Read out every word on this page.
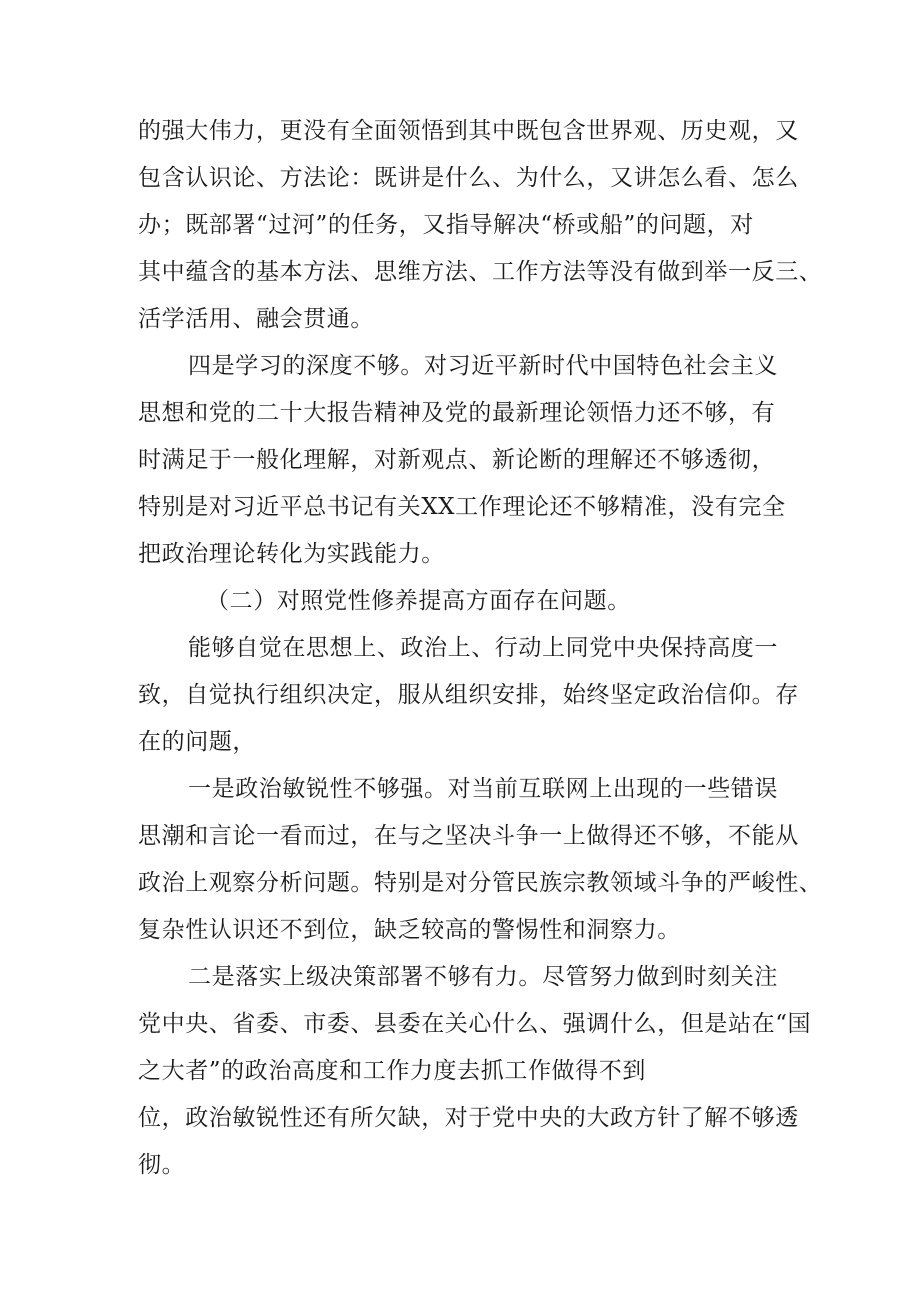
的强大伟力，更没有全面领悟到其中既包含世界观、历史观，又
包含认识论、方法论：既讲是什么、为什么，又讲怎么看、怎么
办；既部署“过河”的任务，又指导解决“桥或船”的问题，对
其中蕴含的基本方法、思维方法、工作方法等没有做到举一反三、
活学活用、融会贯通。
四是学习的深度不够。对习近平新时代中国特色社会主义
思想和党的二十大报告精神及党的最新理论领悟力还不够，有
时满足于一般化理解，对新观点、新论断的理解还不够透彻，
特别是对习近平总书记有关XX工作理论还不够精准，没有完全
把政治理论转化为实践能力。
（二）对照党性修养提高方面存在问题。
能够自觉在思想上、政治上、行动上同党中央保持高度一
致，自觉执行组织决定，服从组织安排，始终坚定政治信仰。存
在的问题，
一是政治敏锐性不够强。对当前互联网上出现的一些错误
思潮和言论一看而过，在与之坚决斗争一上做得还不够，不能从
政治上观察分析问题。特别是对分管民族宗教领域斗争的严峻性、
复杂性认识还不到位，缺乏较高的警惕性和洞察力。
二是落实上级决策部署不够有力。尽管努力做到时刻关注
党中央、省委、市委、县委在关心什么、强调什么，但是站在“国
之大者”的政治高度和工作力度去抓工作做得不到
位，政治敏锐性还有所欠缺，对于党中央的大政方针了解不够透
彻。
